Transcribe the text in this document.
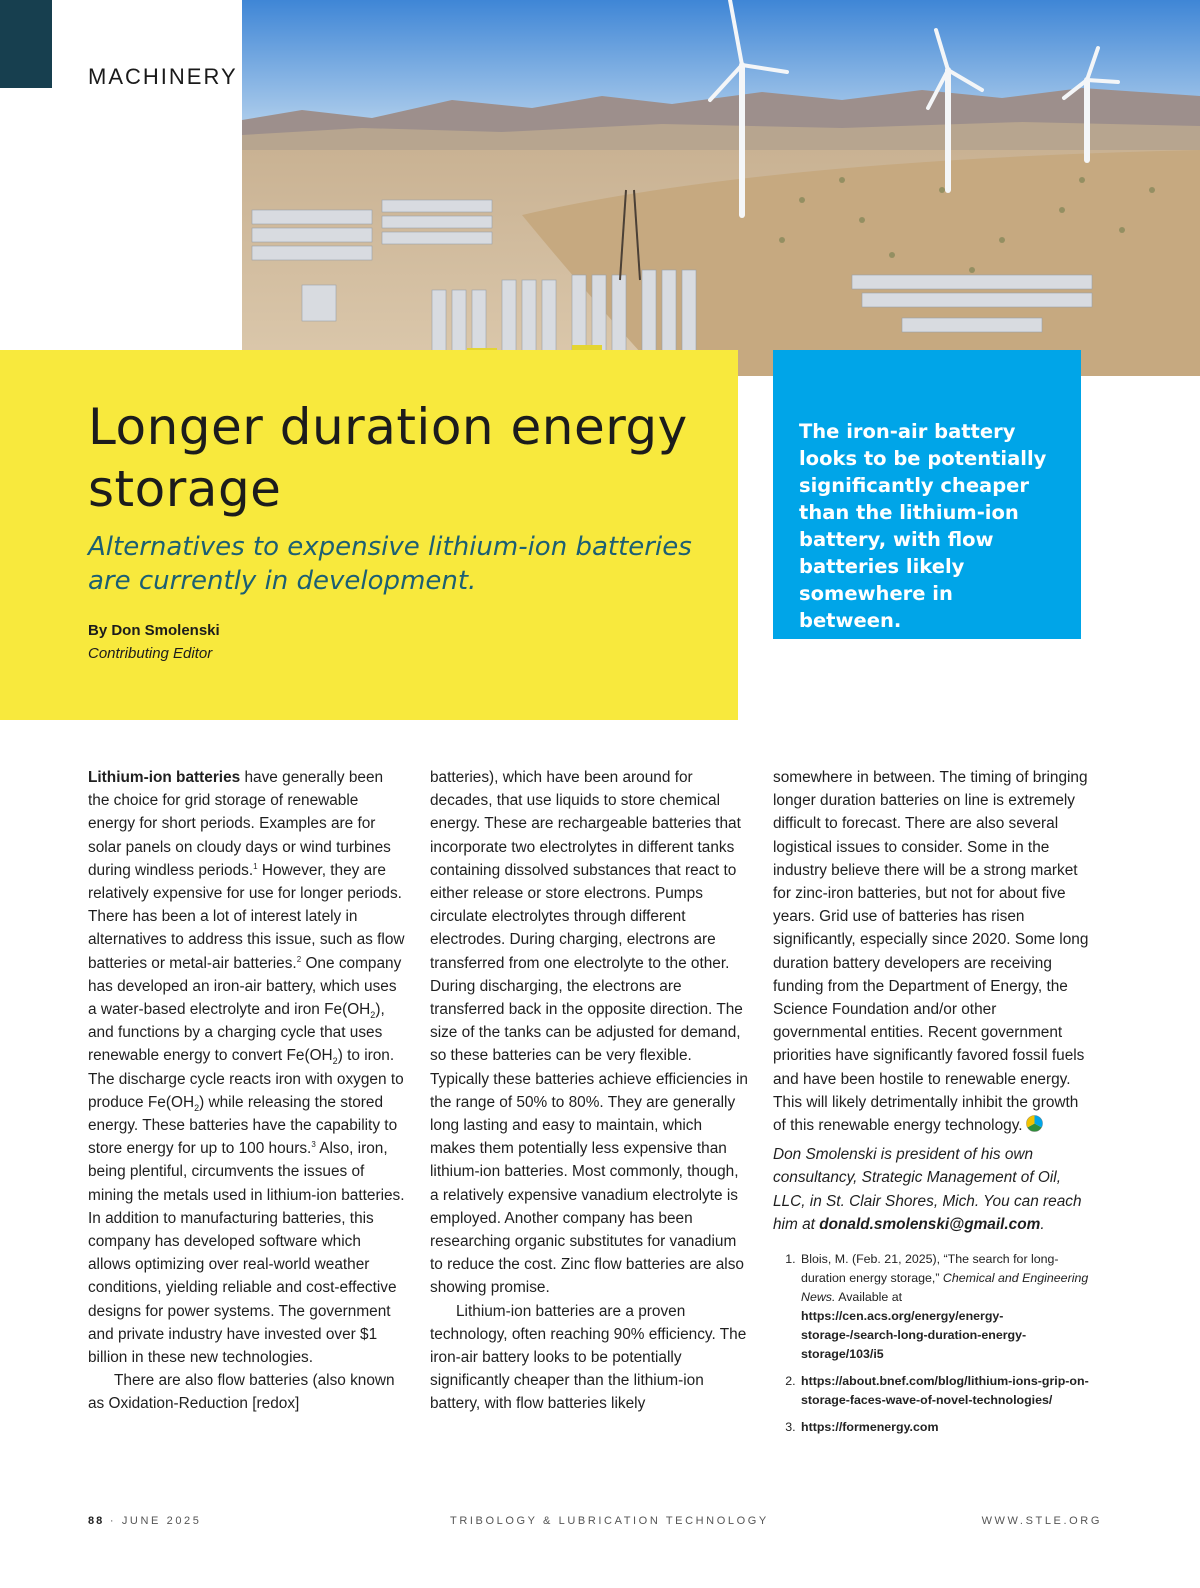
MACHINERY
Longer duration energy storage

Alternatives to expensive lithium-ion batteries are currently in development.

By Don Smolenski
Contributing Editor
The iron-air battery looks to be potentially significantly cheaper than the lithium-ion battery, with flow batteries likely somewhere in between.

Lithium-ion batteries have generally been the choice for grid storage of renewable energy for short periods. Examples are for solar panels on cloudy days or wind turbines during windless periods.$^1$ However, they are relatively expensive for use for longer periods. There has been a lot of interest lately in alternatives to address this issue, such as flow batteries or metal-air batteries.$^2$ One company has developed an iron-air battery, which uses a water-based electrolyte and iron $Fe(OH_2)$, and functions by a charging cycle that uses renewable energy to convert $Fe(OH_2)$ to iron. The discharge cycle reacts iron with oxygen to produce $Fe(OH_2)$ while releasing the stored energy. These batteries have the capability to store energy for up to 100 hours.$^3$ Also, iron, being plentiful, circumvents the issues of mining the metals used in lithium-ion batteries. In addition to manufacturing batteries, this company has developed software which allows optimizing over real-world weather conditions, yielding reliable and cost-effective designs for power systems. The government and private industry have invested over $1 billion in these new technologies.

There are also flow batteries (also known as Oxidation-Reduction [redox]

batteries), which have been around for decades, that use liquids to store chemical energy. These are rechargeable batteries that incorporate two electrolytes in different tanks containing dissolved substances that react to either release or store electrons. Pumps circulate electrolytes through different electrodes. During charging, electrons are transferred from one electrolyte to the other. During discharging, the electrons are transferred back in the opposite direction. The size of the tanks can be adjusted for demand, so these batteries can be very flexible. Typically these batteries achieve efficiencies in the range of 50% to 80%. They are generally long lasting and easy to maintain, which makes them potentially less expensive than lithium-ion batteries. Most commonly, though, a relatively expensive vanadium electrolyte is employed. Another company has been researching organic substitutes for vanadium to reduce the cost. Zinc flow batteries are also showing promise.

Lithium-ion batteries are a proven technology, often reaching 90% efficiency. The iron-air battery looks to be potentially significantly cheaper than the lithium-ion battery, with flow batteries likely

somewhere in between. The timing of bringing longer duration batteries on line is extremely difficult to forecast. There are also several logistical issues to consider. Some in the industry believe there will be a strong market for zinc-iron batteries, but not for about five years. Grid use of batteries has risen significantly, especially since 2020. Some long duration battery developers are receiving funding from the Department of Energy, the Science Foundation and/or other governmental entities. Recent government priorities have significantly favored fossil fuels and have been hostile to renewable energy. This will likely detrimentally inhibit the growth of this renewable energy technology.

Don Smolenski is president of his own consultancy, Strategic Management of Oil, LLC, in St. Clair Shores, Mich. You can reach him at donald.smolenski@gmail.com.

1. Blois, M. (Feb. 21, 2025), “The search for long-duration energy storage,” Chemical and Engineering News. Available at https://cen.acs.org/energy/energy-storage-/search-long-duration-energy-storage/103/i5
2. https://about.bnef.com/blog/lithium-ions-grip-on-storage-faces-wave-of-novel-technologies/
3. https://formenergy.com
88 · JUNE 2025	TRIBOLOGY & LUBRICATION TECHNOLOGY	WWW.STLE.ORG
